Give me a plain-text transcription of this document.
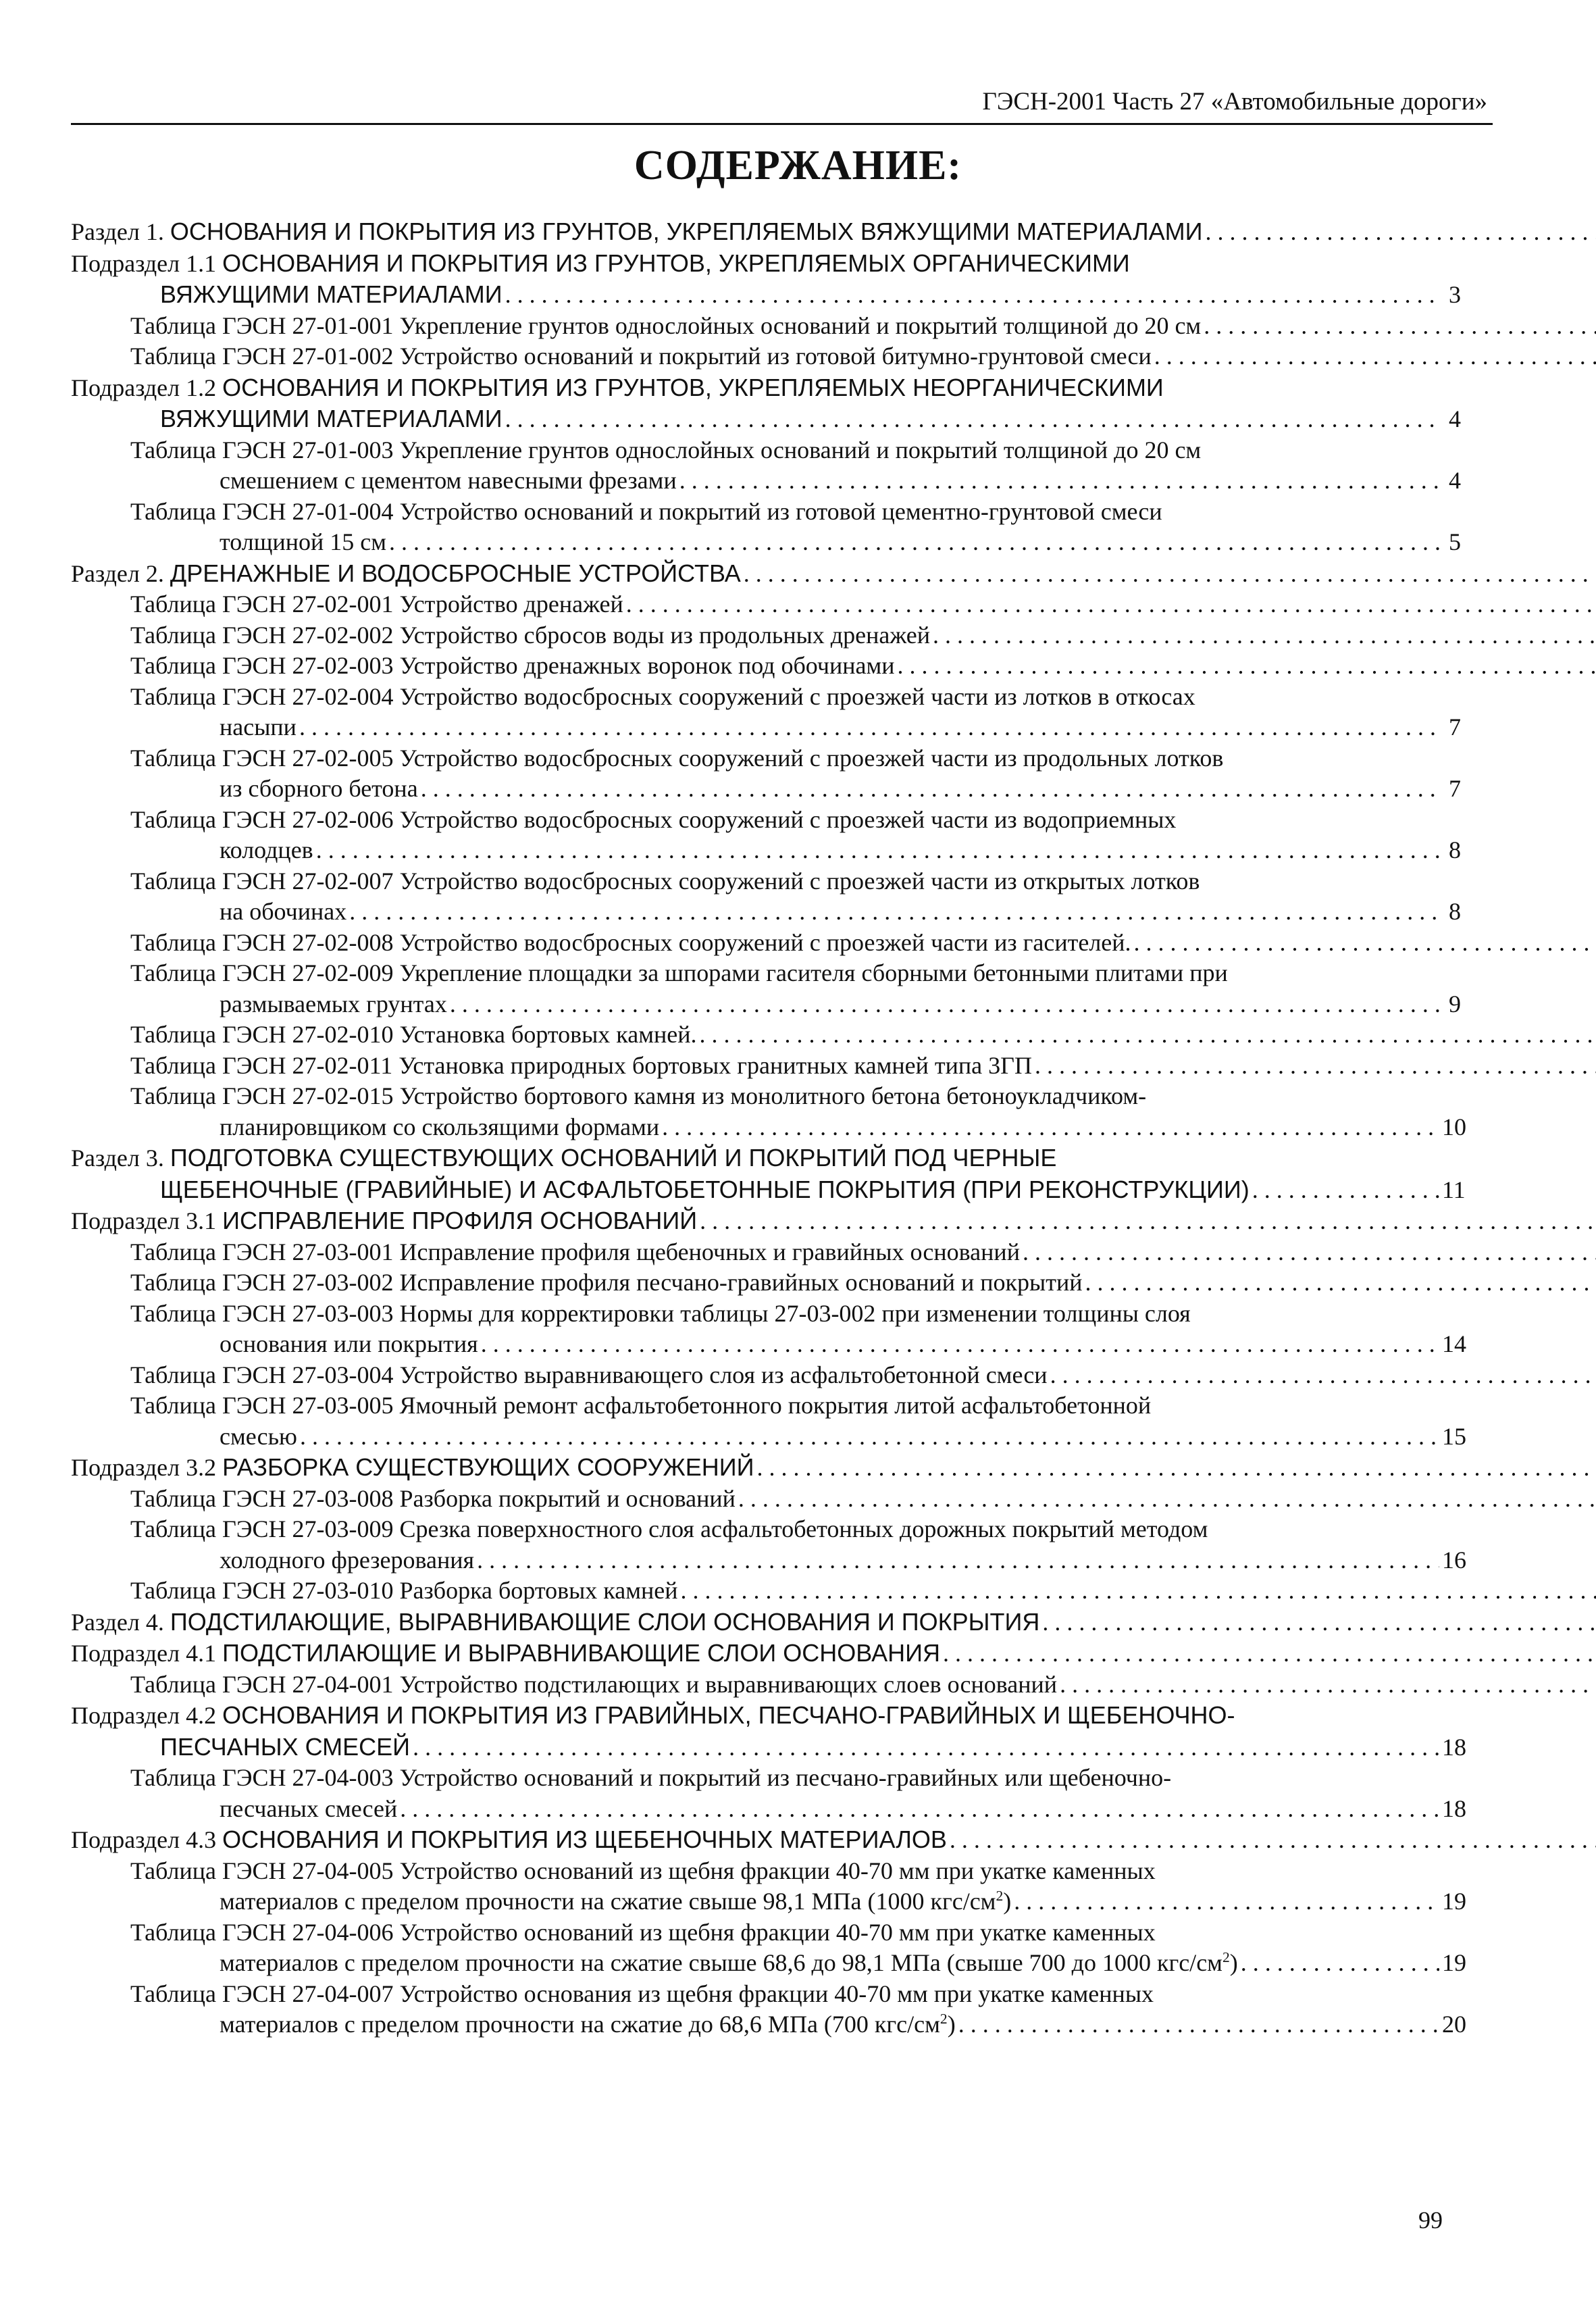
ГЭСН-2001 Часть 27 «Автомобильные дороги»
СОДЕРЖАНИЕ:
Раздел 1. ОСНОВАНИЯ И ПОКРЫТИЯ ИЗ ГРУНТОВ, УКРЕПЛЯЕМЫХ ВЯЖУЩИМИ МАТЕРИАЛАМИ . . .
Подраздел 1.1 ОСНОВАНИЯ И ПОКРЫТИЯ ИЗ ГРУНТОВ, УКРЕПЛЯЕМЫХ ОРГАНИЧЕСКИМИ
ВЯЖУЩИМИ МАТЕРИАЛАМИ . . .	3
Таблица ГЭСН 27-01-001 Укрепление грунтов однослойных оснований и покрытий толщиной до 20 см . . .
Таблица ГЭСН 27-01-002 Устройство оснований и покрытий из готовой битумно-грунтовой смеси . . .
Подраздел 1.2 ОСНОВАНИЯ И ПОКРЫТИЯ ИЗ ГРУНТОВ, УКРЕПЛЯЕМЫХ НЕОРГАНИЧЕСКИМИ
ВЯЖУЩИМИ МАТЕРИАЛАМИ . . .	4
Таблица ГЭСН 27-01-003 Укрепление грунтов однослойных оснований и покрытий толщиной до 20 см
смешением с цементом навесными фрезами . . .	4
Таблица ГЭСН 27-01-004 Устройство оснований и покрытий из готовой цементно-грунтовой смеси
толщиной 15 см . . .	5
Раздел 2. ДРЕНАЖНЫЕ И ВОДОСБРОСНЫЕ УСТРОЙСТВА . . .
Таблица ГЭСН 27-02-001 Устройство дренажей . . .
Таблица ГЭСН 27-02-002 Устройство сбросов воды из продольных дренажей . . .
Таблица ГЭСН 27-02-003 Устройство дренажных воронок под обочинами . . .
Таблица ГЭСН 27-02-004 Устройство водосбросных сооружений с проезжей части из лотков в откосах
насыпи . . .	7
Таблица ГЭСН 27-02-005 Устройство водосбросных сооружений с проезжей части из продольных лотков
из сборного бетона . . .	7
Таблица ГЭСН 27-02-006 Устройство водосбросных сооружений с проезжей части из водоприемных
колодцев . . .	8
Таблица ГЭСН 27-02-007 Устройство водосбросных сооружений с проезжей части из открытых лотков
на обочинах . . .	8
Таблица ГЭСН 27-02-008 Устройство водосбросных сооружений с проезжей части из гасителей. . . .
Таблица ГЭСН 27-02-009 Укрепление площадки за шпорами гасителя сборными бетонными плитами при
размываемых грунтах . . .	9
Таблица ГЭСН 27-02-010 Установка бортовых камней. . . .
Таблица ГЭСН 27-02-011 Установка природных бортовых гранитных камней типа 3ГП . . .
Таблица ГЭСН 27-02-015 Устройство бортового камня из монолитного бетона бетоноукладчиком-
планировщиком со скользящими формами . . .	10
Раздел 3. ПОДГОТОВКА СУЩЕСТВУЮЩИХ ОСНОВАНИЙ И ПОКРЫТИЙ ПОД ЧЕРНЫЕ
ЩЕБЕНОЧНЫЕ (ГРАВИЙНЫЕ) И АСФАЛЬТОБЕТОННЫЕ ПОКРЫТИЯ (ПРИ РЕКОНСТРУКЦИИ) . . .	11
Подраздел 3.1 ИСПРАВЛЕНИЕ ПРОФИЛЯ ОСНОВАНИЙ . . .
Таблица ГЭСН 27-03-001 Исправление профиля щебеночных и гравийных оснований . . .
Таблица ГЭСН 27-03-002 Исправление профиля песчано-гравийных оснований и покрытий . . .
Таблица ГЭСН 27-03-003 Нормы для корректировки таблицы 27-03-002 при изменении толщины слоя
основания или покрытия . . .	14
Таблица ГЭСН 27-03-004 Устройство выравнивающего слоя из асфальтобетонной смеси . . .
Таблица ГЭСН 27-03-005 Ямочный ремонт асфальтобетонного покрытия литой асфальтобетонной
смесью . . .	15
Подраздел 3.2 РАЗБОРКА СУЩЕСТВУЮЩИХ СООРУЖЕНИЙ . . .
Таблица ГЭСН 27-03-008 Разборка покрытий и оснований . . .
Таблица ГЭСН 27-03-009 Срезка поверхностного слоя асфальтобетонных дорожных покрытий методом
холодного фрезерования . . .	16
Таблица ГЭСН 27-03-010 Разборка бортовых камней . . .
Раздел 4. ПОДСТИЛАЮЩИЕ, ВЫРАВНИВАЮЩИЕ СЛОИ ОСНОВАНИЯ И ПОКРЫТИЯ . . .
Подраздел 4.1 ПОДСТИЛАЮЩИЕ И ВЫРАВНИВАЮЩИЕ СЛОИ ОСНОВАНИЯ . . .
Таблица ГЭСН 27-04-001 Устройство подстилающих и выравнивающих слоев оснований . . .
Подраздел 4.2 ОСНОВАНИЯ И ПОКРЫТИЯ ИЗ ГРАВИЙНЫХ, ПЕСЧАНО-ГРАВИЙНЫХ И ЩЕБЕНОЧНО-
ПЕСЧАНЫХ СМЕСЕЙ . . .	18
Таблица ГЭСН 27-04-003 Устройство оснований и покрытий из песчано-гравийных или щебеночно-
песчаных смесей . . .	18
Подраздел 4.3 ОСНОВАНИЯ И ПОКРЫТИЯ ИЗ ЩЕБЕНОЧНЫХ МАТЕРИАЛОВ . . .
Таблица ГЭСН 27-04-005 Устройство оснований из щебня фракции 40-70 мм при укатке каменных
материалов с пределом прочности на сжатие свыше 98,1 МПа (1000 кгс/$см^2$) . . .	19
Таблица ГЭСН 27-04-006 Устройство оснований из щебня фракции 40-70 мм при укатке каменных
материалов с пределом прочности на сжатие свыше 68,6 до 98,1 МПа (свыше 700 до 1000 кгс/$см^2$) . . .	19
Таблица ГЭСН 27-04-007 Устройство основания из щебня фракции 40-70 мм при укатке каменных
материалов с пределом прочности на сжатие до 68,6 МПа (700 кгс/$см^2$) . . .	20
99
